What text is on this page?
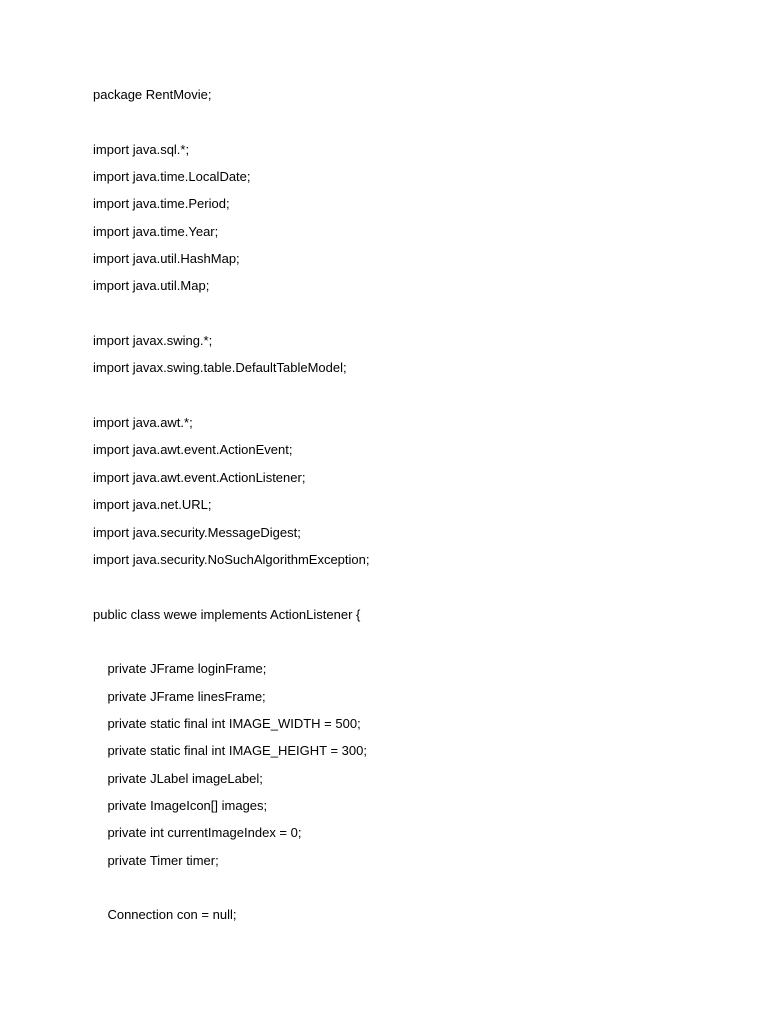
package RentMovie;
import java.sql.*;
import java.time.LocalDate;
import java.time.Period;
import java.time.Year;
import java.util.HashMap;
import java.util.Map;
import javax.swing.*;
import javax.swing.table.DefaultTableModel;
import java.awt.*;
import java.awt.event.ActionEvent;
import java.awt.event.ActionListener;
import java.net.URL;
import java.security.MessageDigest;
import java.security.NoSuchAlgorithmException;
public class wewe implements ActionListener {
private JFrame loginFrame;
private JFrame linesFrame;
private static final int IMAGE_WIDTH = 500;
private static final int IMAGE_HEIGHT = 300;
private JLabel imageLabel;
private ImageIcon[] images;
private int currentImageIndex = 0;
private Timer timer;
Connection con = null;
